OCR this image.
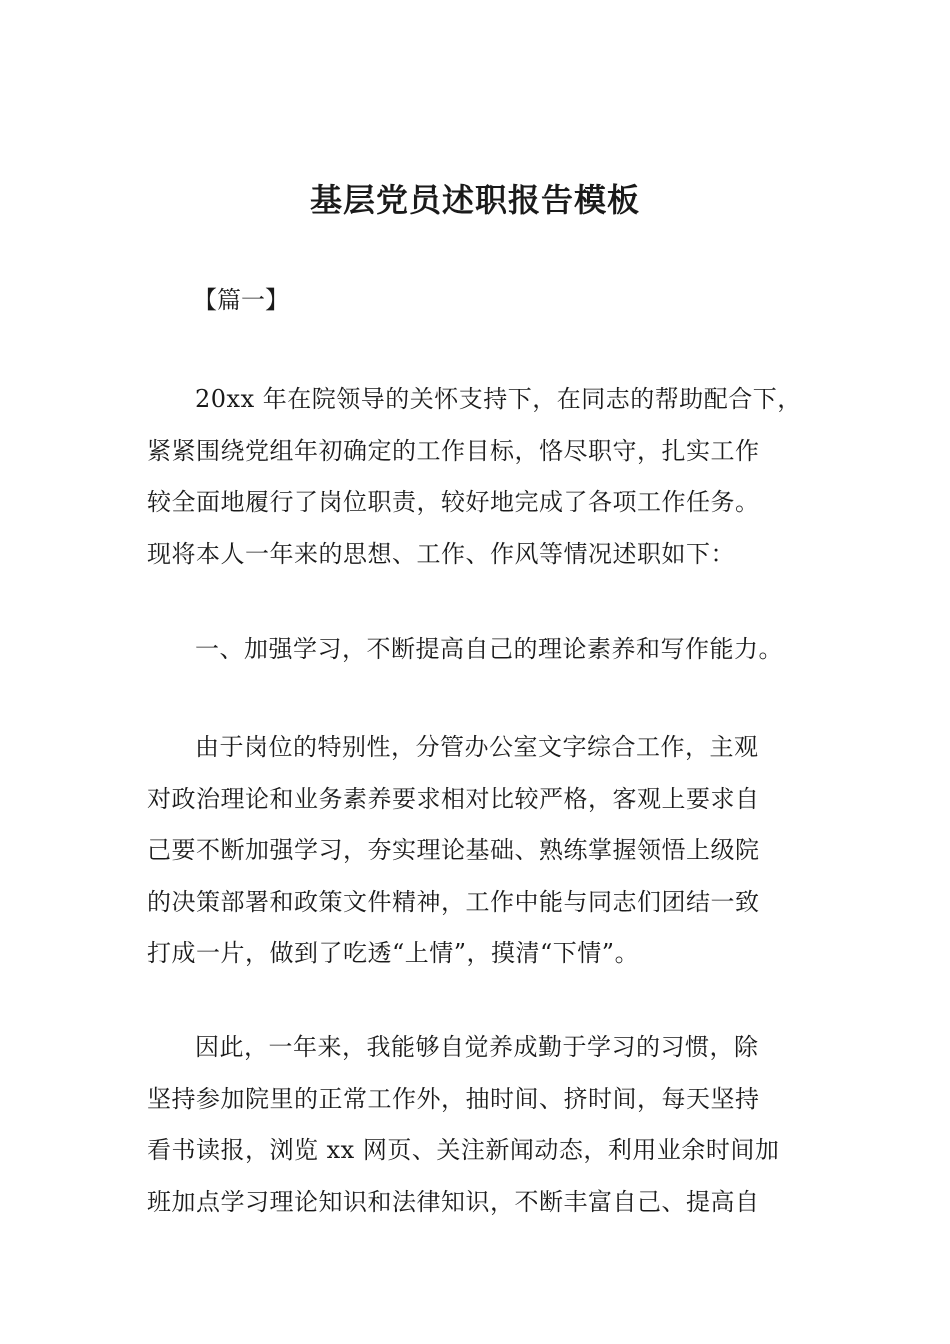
基层党员述职报告模板

【篇一】

20xx 年在院领导的关怀支持下，在同志的帮助配合下，
紧紧围绕党组年初确定的工作目标，恪尽职守，扎实工作
较全面地履行了岗位职责，较好地完成了各项工作任务。
现将本人一年来的思想、工作、作风等情况述职如下：

一、加强学习，不断提高自己的理论素养和写作能力。

由于岗位的特别性，分管办公室文字综合工作，主观
对政治理论和业务素养要求相对比较严格，客观上要求自
己要不断加强学习，夯实理论基础、熟练掌握领悟上级院
的决策部署和政策文件精神，工作中能与同志们团结一致
打成一片，做到了吃透“上情”，摸清“下情”。

因此，一年来，我能够自觉养成勤于学习的习惯，除
坚持参加院里的正常工作外，抽时间、挤时间，每天坚持
看书读报，浏览 xx 网页、关注新闻动态，利用业余时间加
班加点学习理论知识和法律知识，不断丰富自己、提高自
